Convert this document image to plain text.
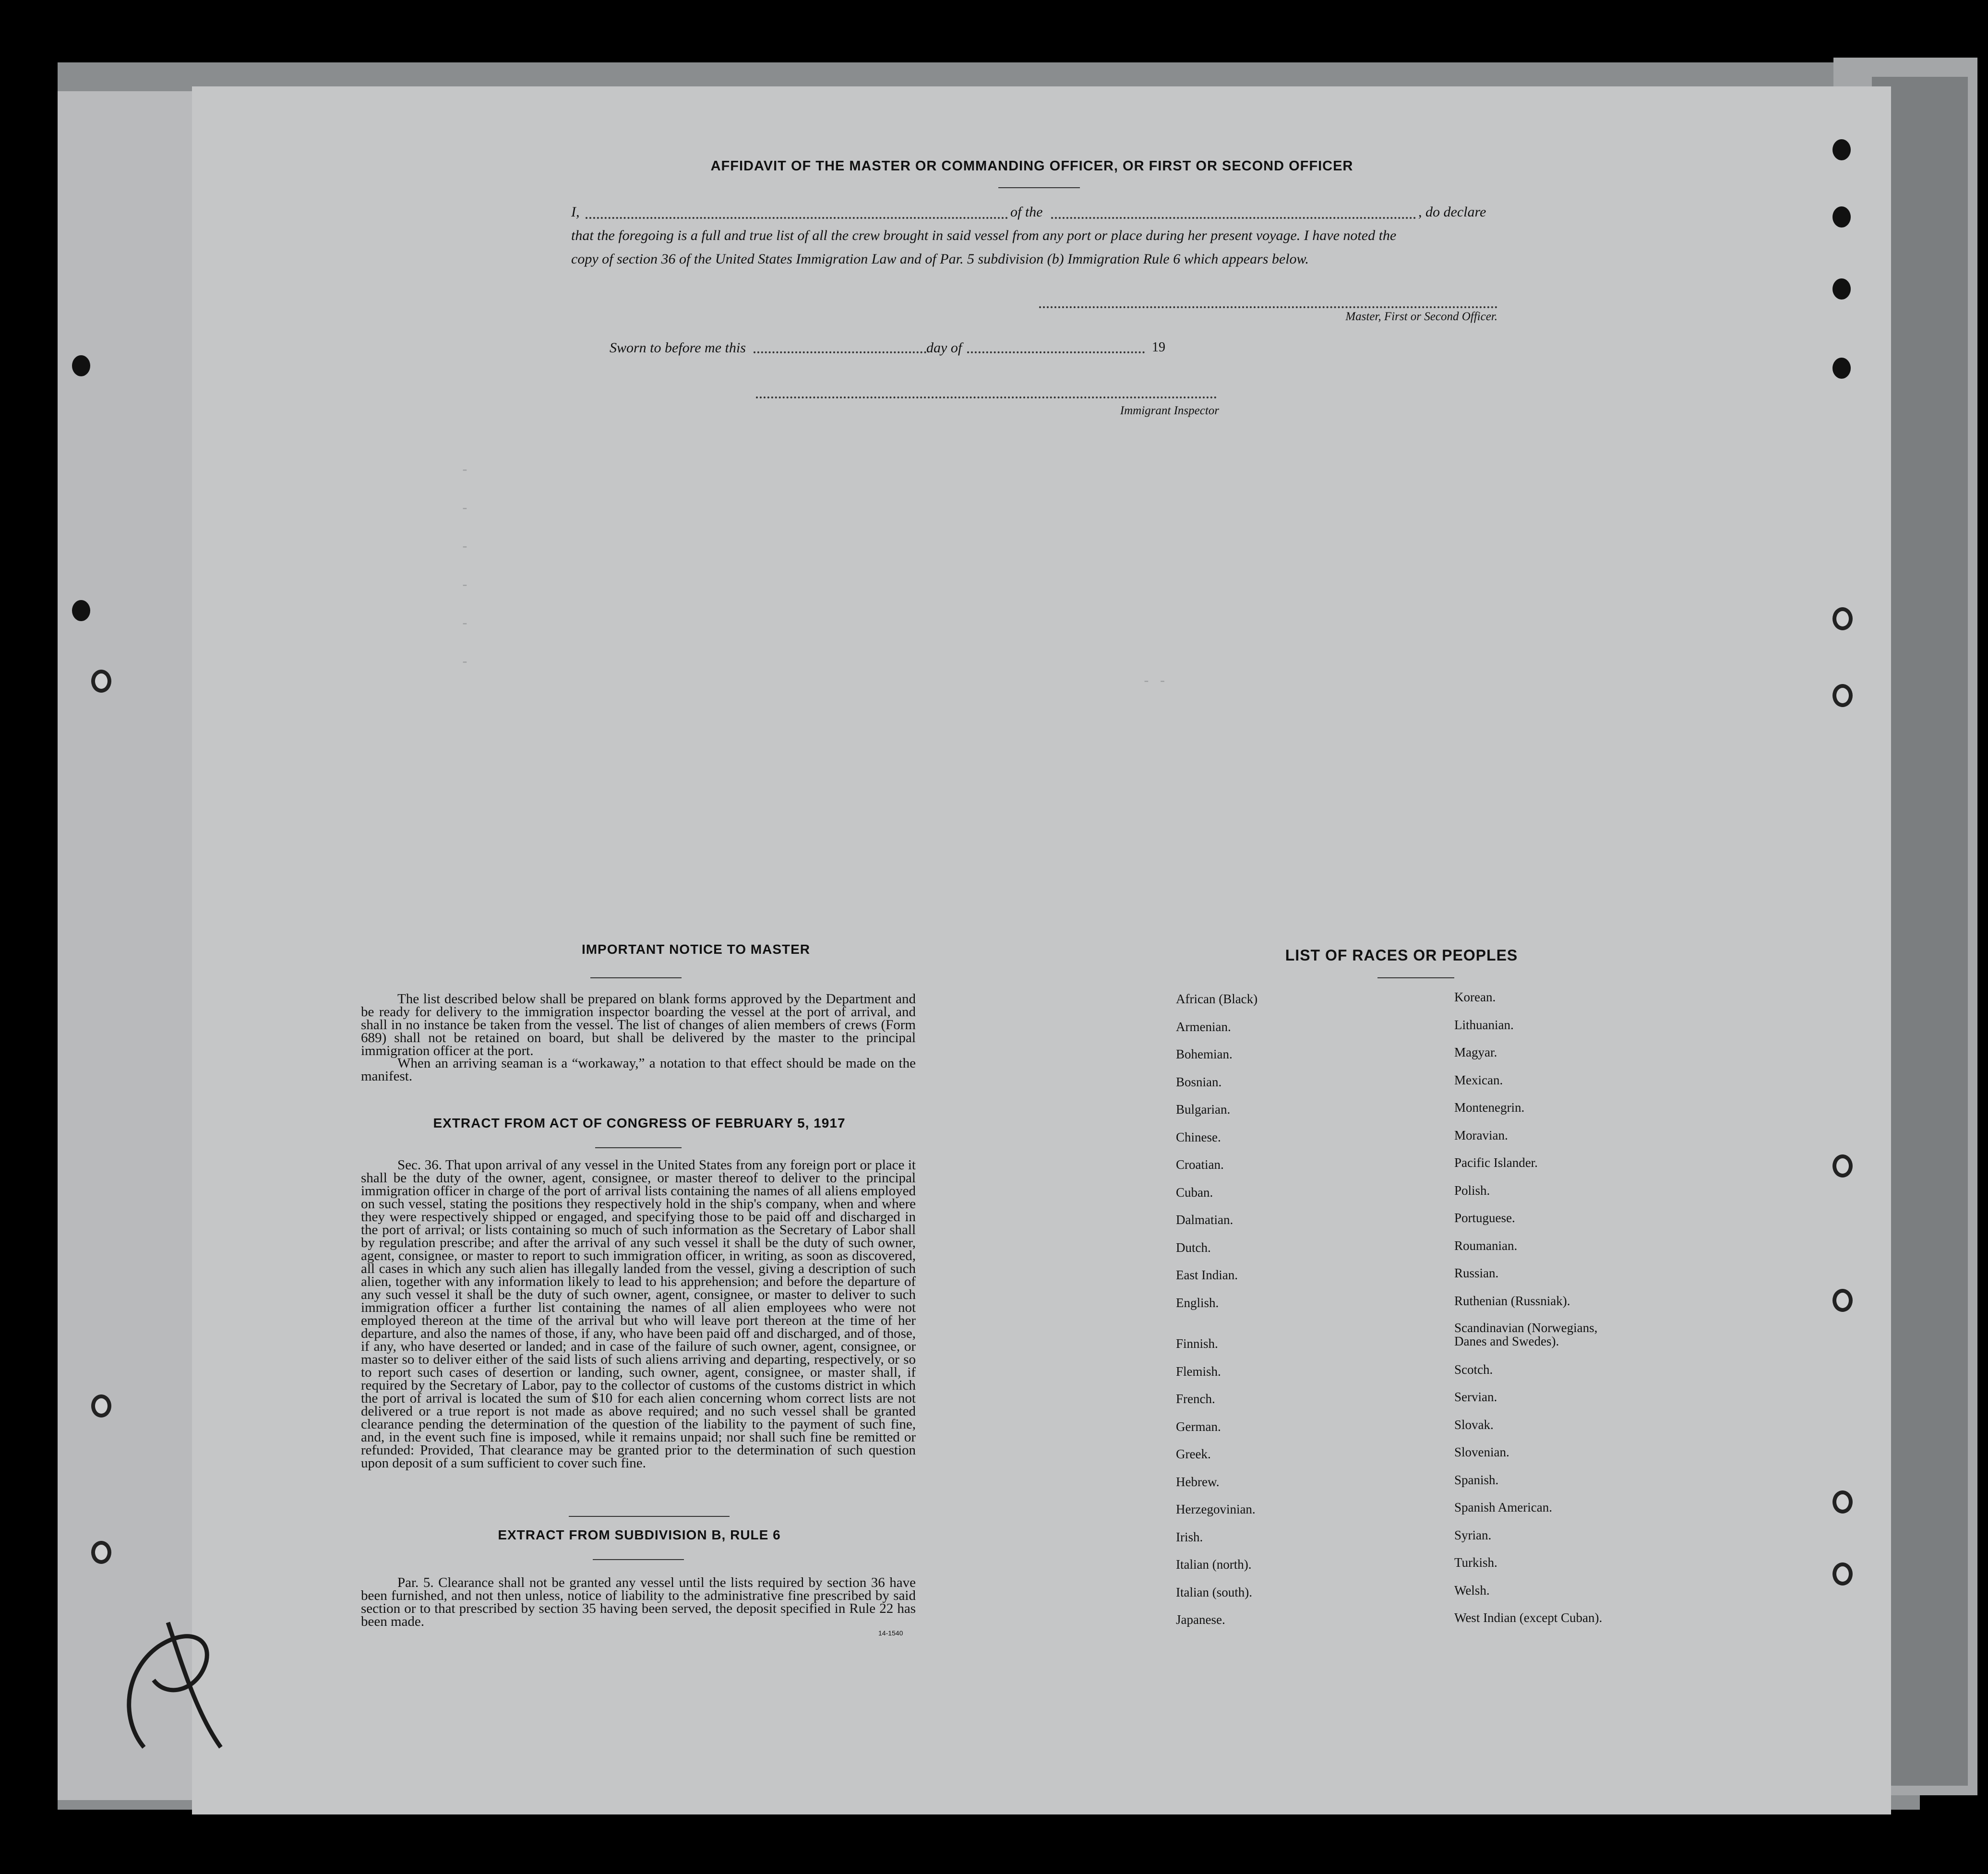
-
-
-
-
-
-
- -
AFFIDAVIT OF THE MASTER OR COMMANDING OFFICER, OR FIRST OR SECOND OFFICER
I,	of the	, do declare
that the foregoing is a full and true list of all the crew brought in said vessel from any port or place during her present voyage. I have noted the
copy of section 36 of the United States Immigration Law and of Par. 5 subdivision (b) Immigration Rule 6 which appears below.
Master, First or Second Officer.
Sworn to before me this	day of	19
Immigrant Inspector
IMPORTANT NOTICE TO MASTER
The list described below shall be prepared on blank forms approved by the Department and be ready for delivery to the immigration inspector boarding the vessel at the port of arrival, and shall in no instance be taken from the vessel. The list of changes of alien members of crews (Form 689) shall not be retained on board, but shall be delivered by the master to the principal immigration officer at the port.
When an arriving seaman is a “workaway,” a notation to that effect should be made on the manifest.
EXTRACT FROM ACT OF CONGRESS OF FEBRUARY 5, 1917
Sec. 36. That upon arrival of any vessel in the United States from any foreign port or place it shall be the duty of the owner, agent, consignee, or master thereof to deliver to the principal immigration officer in charge of the port of arrival lists containing the names of all aliens employed on such vessel, stating the positions they respectively hold in the ship's company, when and where they were respectively shipped or engaged, and specifying those to be paid off and discharged in the port of arrival; or lists containing so much of such information as the Secretary of Labor shall by regulation prescribe; and after the arrival of any such vessel it shall be the duty of such owner, agent, consignee, or master to report to such immigration officer, in writing, as soon as discovered, all cases in which any such alien has illegally landed from the vessel, giving a description of such alien, together with any information likely to lead to his apprehension; and before the departure of any such vessel it shall be the duty of such owner, agent, consignee, or master to deliver to such immigration officer a further list containing the names of all alien employees who were not employed thereon at the time of the arrival but who will leave port thereon at the time of her departure, and also the names of those, if any, who have been paid off and discharged, and of those, if any, who have deserted or landed; and in case of the failure of such owner, agent, consignee, or master so to deliver either of the said lists of such aliens arriving and departing, respectively, or so to report such cases of desertion or landing, such owner, agent, consignee, or master shall, if required by the Secretary of Labor, pay to the collector of customs of the customs district in which the port of arrival is located the sum of $10 for each alien concerning whom correct lists are not delivered or a true report is not made as above required; and no such vessel shall be granted clearance pending the determination of the question of the liability to the payment of such fine, and, in the event such fine is imposed, while it remains unpaid; nor shall such fine be remitted or refunded: Provided, That clearance may be granted prior to the determination of such question upon deposit of a sum sufficient to cover such fine.
EXTRACT FROM SUBDIVISION B, RULE 6
Par. 5. Clearance shall not be granted any vessel until the lists required by section 36 have been furnished, and not then unless, notice of liability to the administrative fine prescribed by said section or to that prescribed by section 35 having been served, the deposit specified in Rule 22 has been made.
14-1540
LIST OF RACES OR PEOPLES
African (Black)
Armenian.
Bohemian.
Bosnian.
Bulgarian.
Chinese.
Croatian.
Cuban.
Dalmatian.
Dutch.
East Indian.
English.
Finnish.
Flemish.
French.
German.
Greek.
Hebrew.
Herzegovinian.
Irish.
Italian (north).
Italian (south).
Japanese.
Korean.
Lithuanian.
Magyar.
Mexican.
Montenegrin.
Moravian.
Pacific Islander.
Polish.
Portuguese.
Roumanian.
Russian.
Ruthenian (Russniak).
Scandinavian (Norwegians, Danes and Swedes).
Scotch.
Servian.
Slovak.
Slovenian.
Spanish.
Spanish American.
Syrian.
Turkish.
Welsh.
West Indian (except Cuban).
